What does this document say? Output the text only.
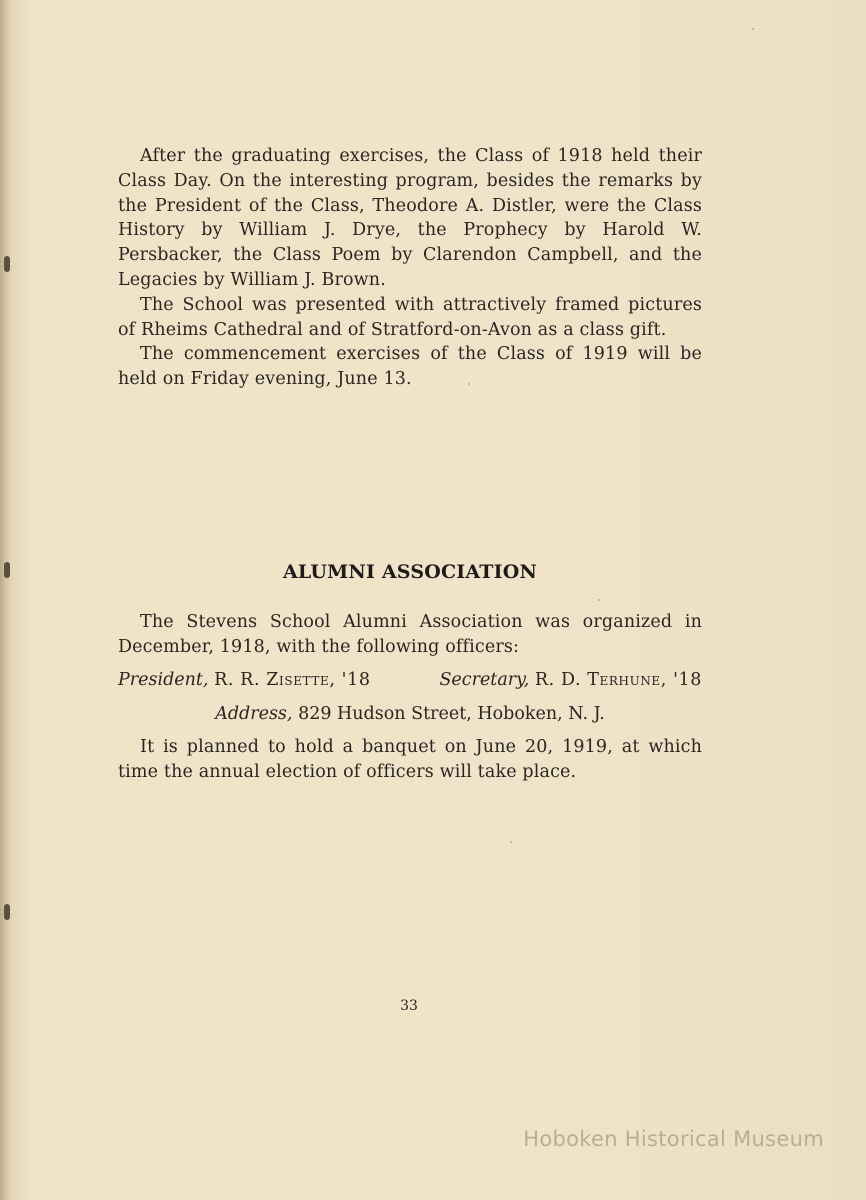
After the graduating exercises, the Class of 1918 held their Class Day. On the interesting program, besides the remarks by the President of the Class, Theodore A. Distler, were the Class History by William J. Drye, the Prophecy by Harold W. Persbacker, the Class Poem by Clarendon Campbell, and the Legacies by William J. Brown.

The School was presented with attractively framed pictures of Rheims Cathedral and of Stratford-on-Avon as a class gift.

The commencement exercises of the Class of 1919 will be held on Friday evening, June 13.

ALUMNI ASSOCIATION

The Stevens School Alumni Association was organized in December, 1918, with the following officers:

President, R. R. Zisette, '18	Secretary, R. D. Terhune, '18
Address, 829 Hudson Street, Hoboken, N. J.

It is planned to hold a banquet on June 20, 1919, at which time the annual election of officers will take place.

33
Hoboken Historical Museum
